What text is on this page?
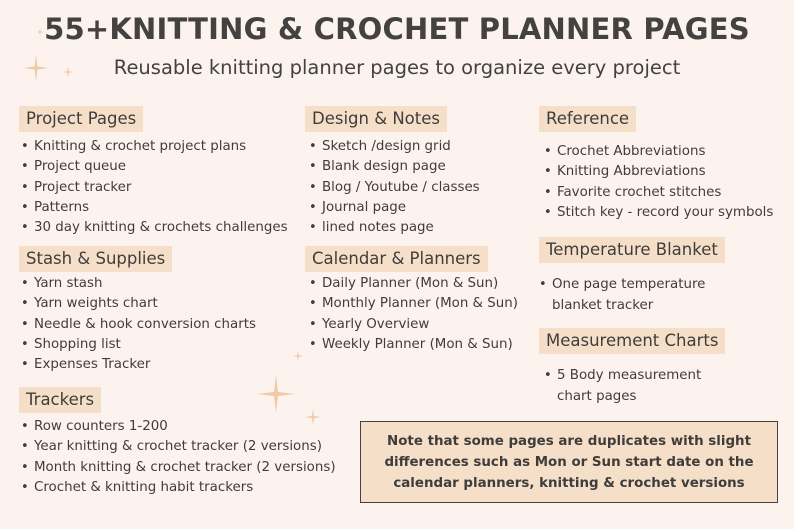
55+KNITTING & CROCHET PLANNER PAGES
Reusable knitting planner pages to organize every project
Project Pages
• Knitting & crochet project plans
• Project queue
• Project tracker
• Patterns
• 30 day knitting & crochets challenges
Stash & Supplies
• Yarn stash
• Yarn weights chart
• Needle & hook conversion charts
• Shopping list
• Expenses Tracker
Trackers
• Row counters 1-200
• Year knitting & crochet tracker (2 versions)
• Month knitting & crochet tracker (2 versions)
• Crochet & knitting habit trackers
Design & Notes
• Sketch /design grid
• Blank design page
• Blog / Youtube / classes
• Journal page
• lined notes page
Calendar & Planners
• Daily Planner (Mon & Sun)
• Monthly Planner (Mon & Sun)
• Yearly Overview
• Weekly Planner (Mon & Sun)
Reference
• Crochet Abbreviations
• Knitting Abbreviations
• Favorite crochet stitches
• Stitch key - record your symbols
Temperature Blanket
• One page temperature blanket tracker
Measurement Charts
• 5 Body measurement chart pages
Note that some pages are duplicates with slight differences such as Mon or Sun start date on the calendar planners, knitting & crochet versions
